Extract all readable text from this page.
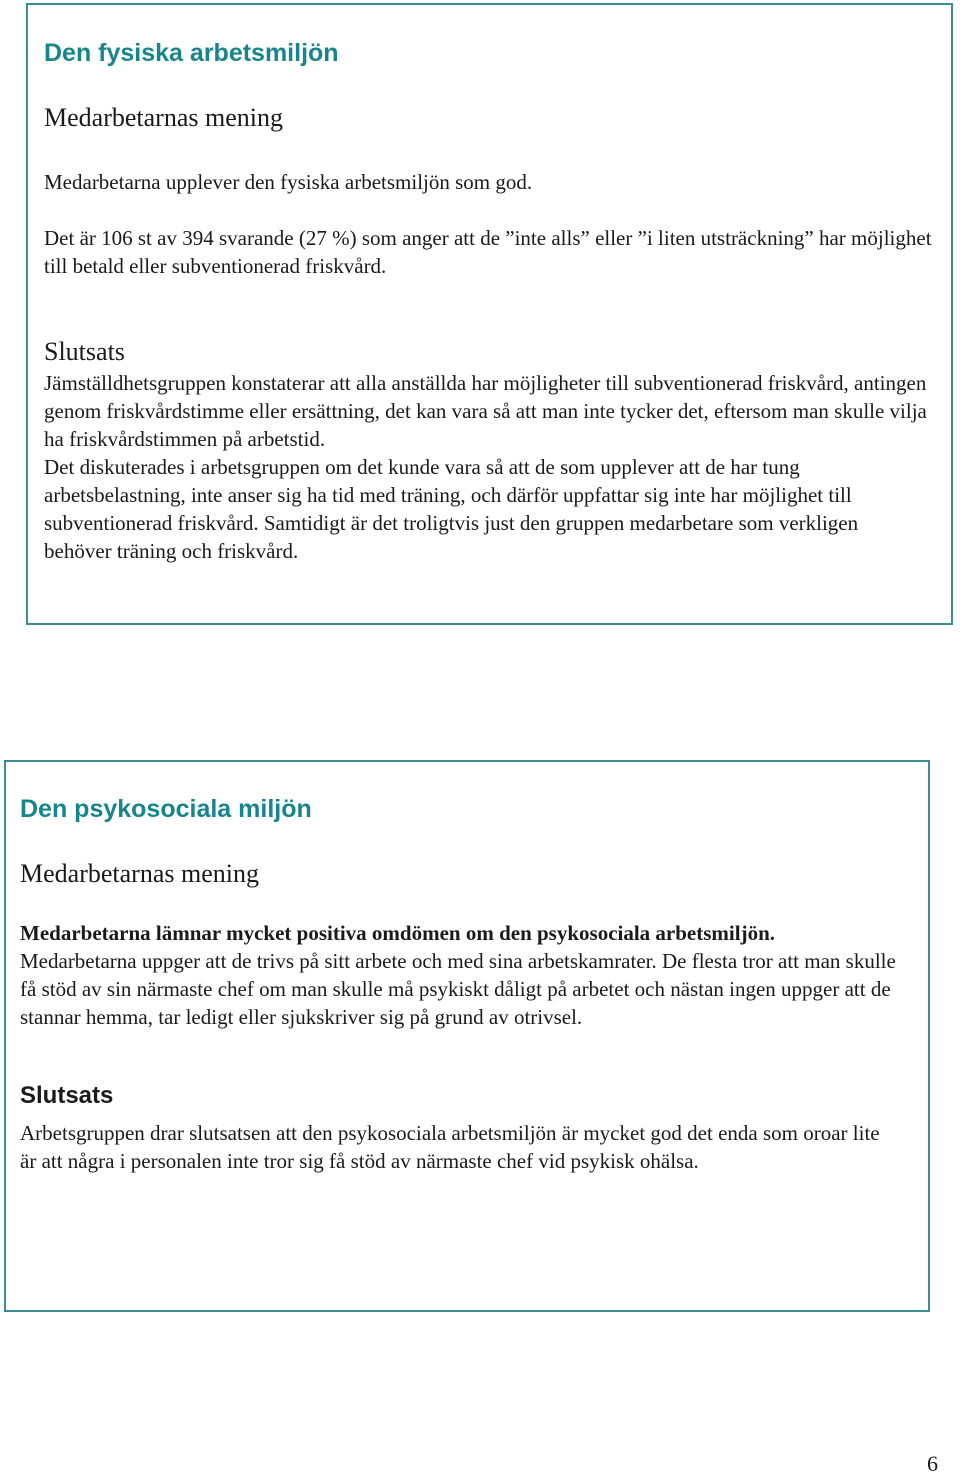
Den fysiska arbetsmiljön
Medarbetarnas mening

Medarbetarna upplever den fysiska arbetsmiljön som god.

Det är 106 st av 394 svarande (27 %) som anger att de ”inte alls” eller ”i liten utsträckning” har möjlighet till betald eller subventionerad friskvård.

Slutsats

Jämställdhetsgruppen konstaterar att alla anställda har möjligheter till subventionerad friskvård, antingen genom friskvårdstimme eller ersättning, det kan vara så att man inte tycker det, eftersom man skulle vilja ha friskvårdstimmen på arbetstid.

Det diskuterades i arbetsgruppen om det kunde vara så att de som upplever att de har tung arbetsbelastning, inte anser sig ha tid med träning, och därför uppfattar sig inte har möjlighet till subventionerad friskvård. Samtidigt är det troligtvis just den gruppen medarbetare som verkligen behöver träning och friskvård.

Den psykosociala miljön
Medarbetarnas mening

Medarbetarna lämnar mycket positiva omdömen om den psykosociala arbetsmiljön.

Medarbetarna uppger att de trivs på sitt arbete och med sina arbetskamrater. De flesta tror att man skulle få stöd av sin närmaste chef om man skulle må psykiskt dåligt på arbetet och nästan ingen uppger att de stannar hemma, tar ledigt eller sjukskriver sig på grund av otrivsel.

Slutsats

Arbetsgruppen drar slutsatsen att den psykosociala arbetsmiljön är mycket god det enda som oroar lite är att några i personalen inte tror sig få stöd av närmaste chef vid psykisk ohälsa.

6
